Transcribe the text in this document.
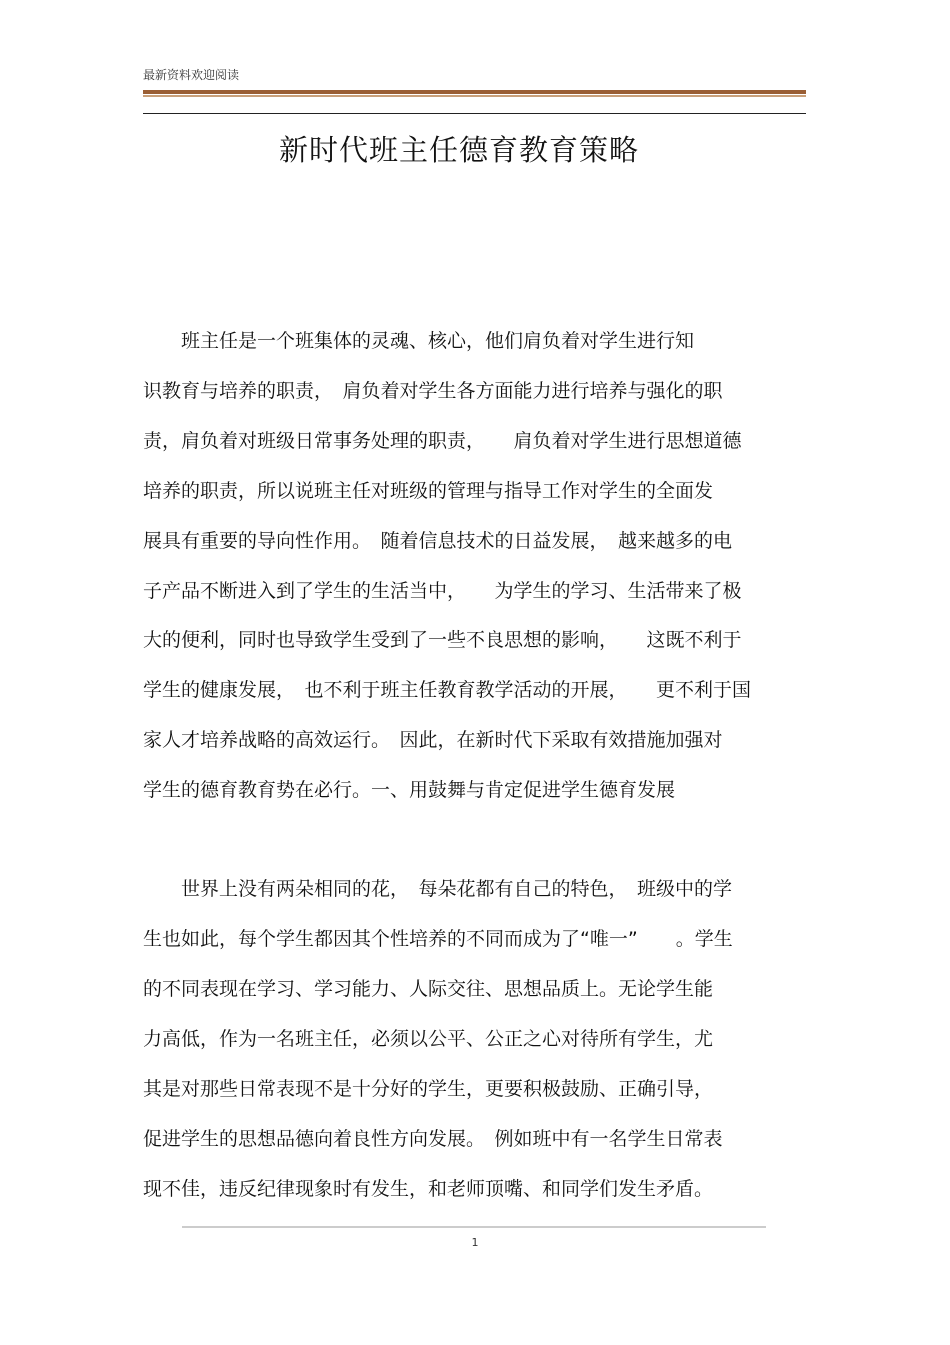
最新资料欢迎阅读
新时代班主任德育教育策略
　　班主任是一个班集体的灵魂、核心，他们肩负着对学生进行知
识教育与培养的职责，　肩负着对学生各方面能力进行培养与强化的职
责，肩负着对班级日常事务处理的职责，　　肩负着对学生进行思想道德
培养的职责，所以说班主任对班级的管理与指导工作对学生的全面发
展具有重要的导向性作用。　随着信息技术的日益发展，　越来越多的电
子产品不断进入到了学生的生活当中，　　为学生的学习、生活带来了极
大的便利，同时也导致学生受到了一些不良思想的影响，　　这既不利于
学生的健康发展，　也不利于班主任教育教学活动的开展，　　更不利于国
家人才培养战略的高效运行。　因此，在新时代下采取有效措施加强对
学生的德育教育势在必行。一、用鼓舞与肯定促进学生德育发展
　　世界上没有两朵相同的花，　每朵花都有自己的特色，　班级中的学
生也如此，每个学生都因其个性培养的不同而成为了“唯一”　　。学生
的不同表现在学习、学习能力、人际交往、思想品质上。无论学生能
力高低，作为一名班主任，必须以公平、公正之心对待所有学生，尤
其是对那些日常表现不是十分好的学生，更要积极鼓励、正确引导，
促进学生的思想品德向着良性方向发展。　例如班中有一名学生日常表
现不佳，违反纪律现象时有发生，和老师顶嘴、和同学们发生矛盾。
1
